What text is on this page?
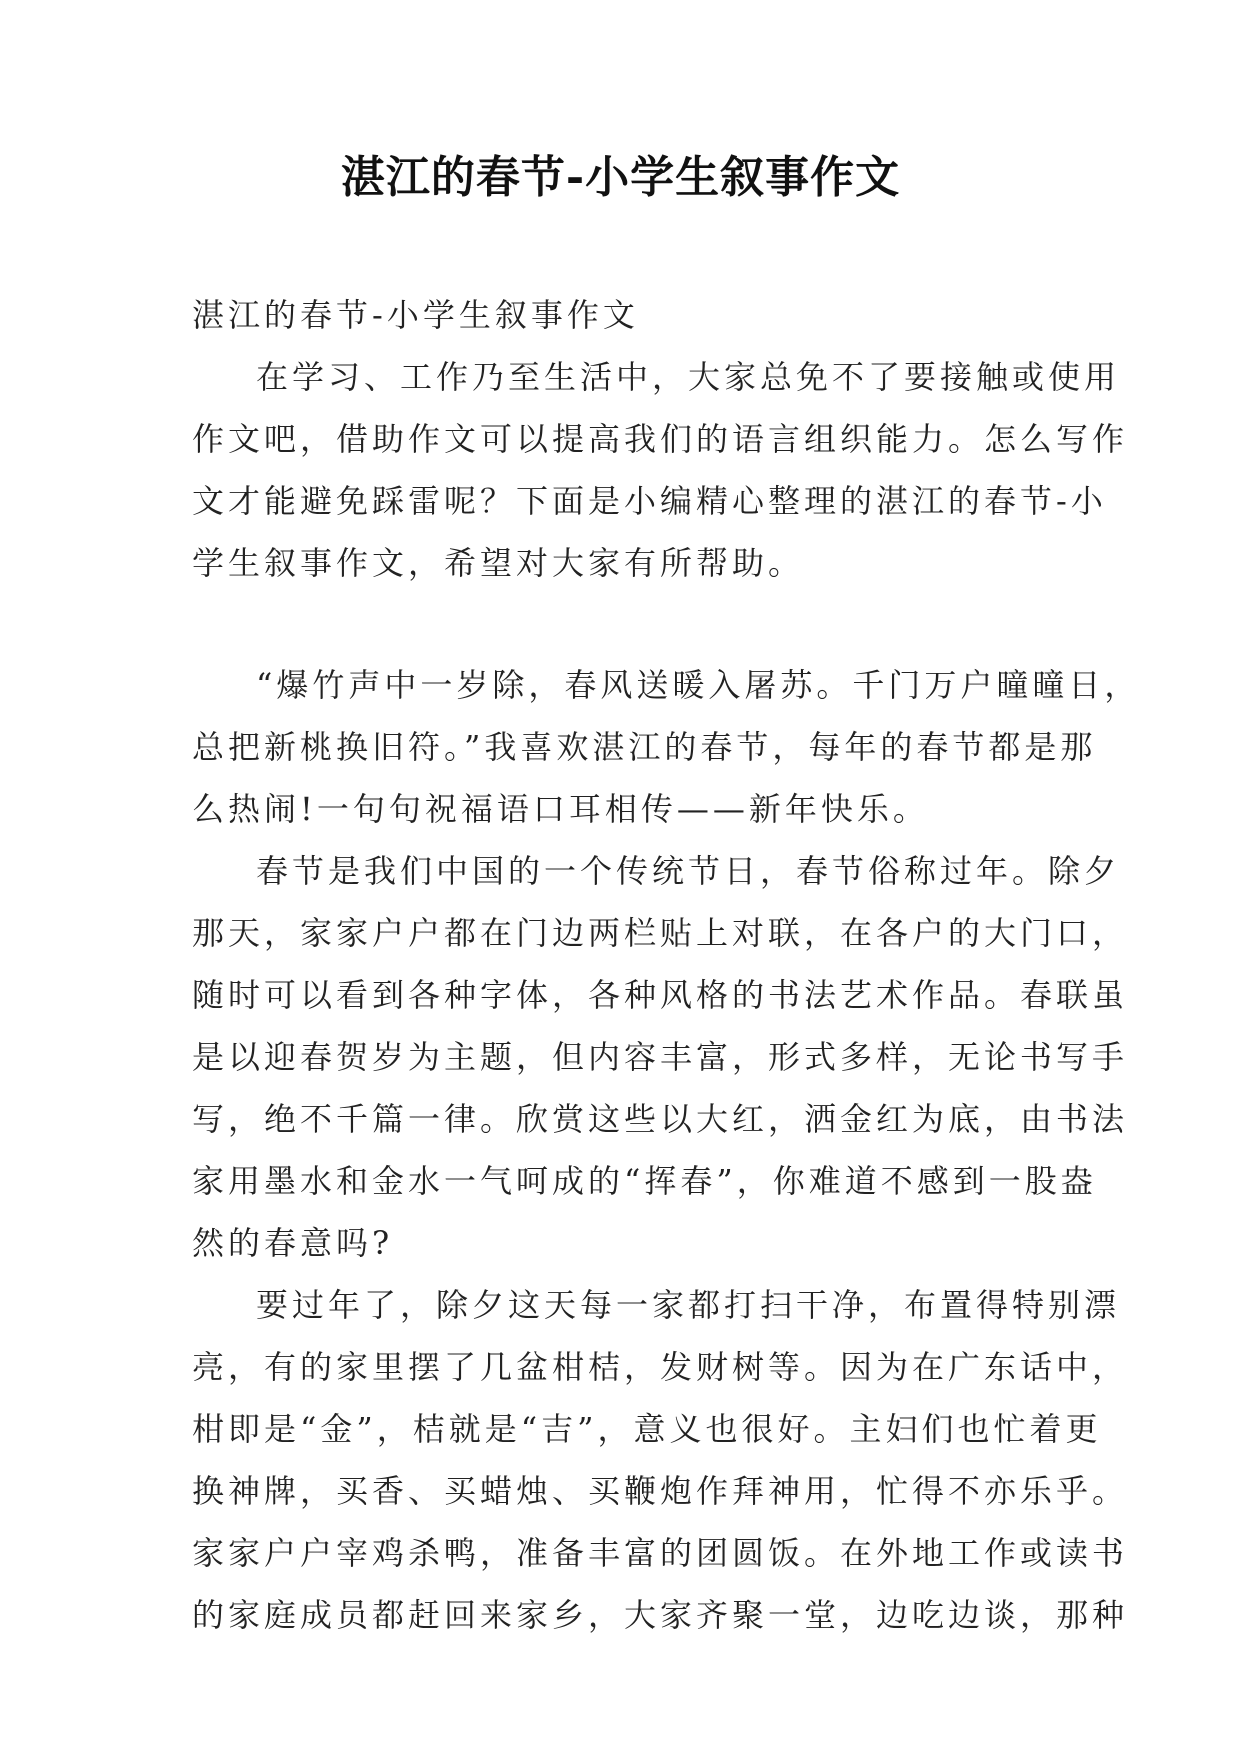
湛江的春节-小学生叙事作文
湛江的春节-小学生叙事作文
在学习、工作乃至生活中，大家总免不了要接触或使用
作文吧，借助作文可以提高我们的语言组织能力。怎么写作
文才能避免踩雷呢？下面是小编精心整理的湛江的春节-小
学生叙事作文，希望对大家有所帮助。
“爆竹声中一岁除，春风送暖入屠苏。千门万户曈曈日，
总把新桃换旧符。”我喜欢湛江的春节，每年的春节都是那
么热闹!一句句祝福语口耳相传——新年快乐。
春节是我们中国的一个传统节日，春节俗称过年。除夕
那天，家家户户都在门边两栏贴上对联，在各户的大门口，
随时可以看到各种字体，各种风格的书法艺术作品。春联虽
是以迎春贺岁为主题，但内容丰富，形式多样，无论书写手
写，绝不千篇一律。欣赏这些以大红，洒金红为底，由书法
家用墨水和金水一气呵成的“挥春”，你难道不感到一股盎
然的春意吗?
要过年了，除夕这天每一家都打扫干净，布置得特别漂
亮，有的家里摆了几盆柑桔，发财树等。因为在广东话中，
柑即是“金”，桔就是“吉”，意义也很好。主妇们也忙着更
换神牌，买香、买蜡烛、买鞭炮作拜神用，忙得不亦乐乎。
家家户户宰鸡杀鸭，准备丰富的团圆饭。在外地工作或读书
的家庭成员都赶回来家乡，大家齐聚一堂，边吃边谈，那种
